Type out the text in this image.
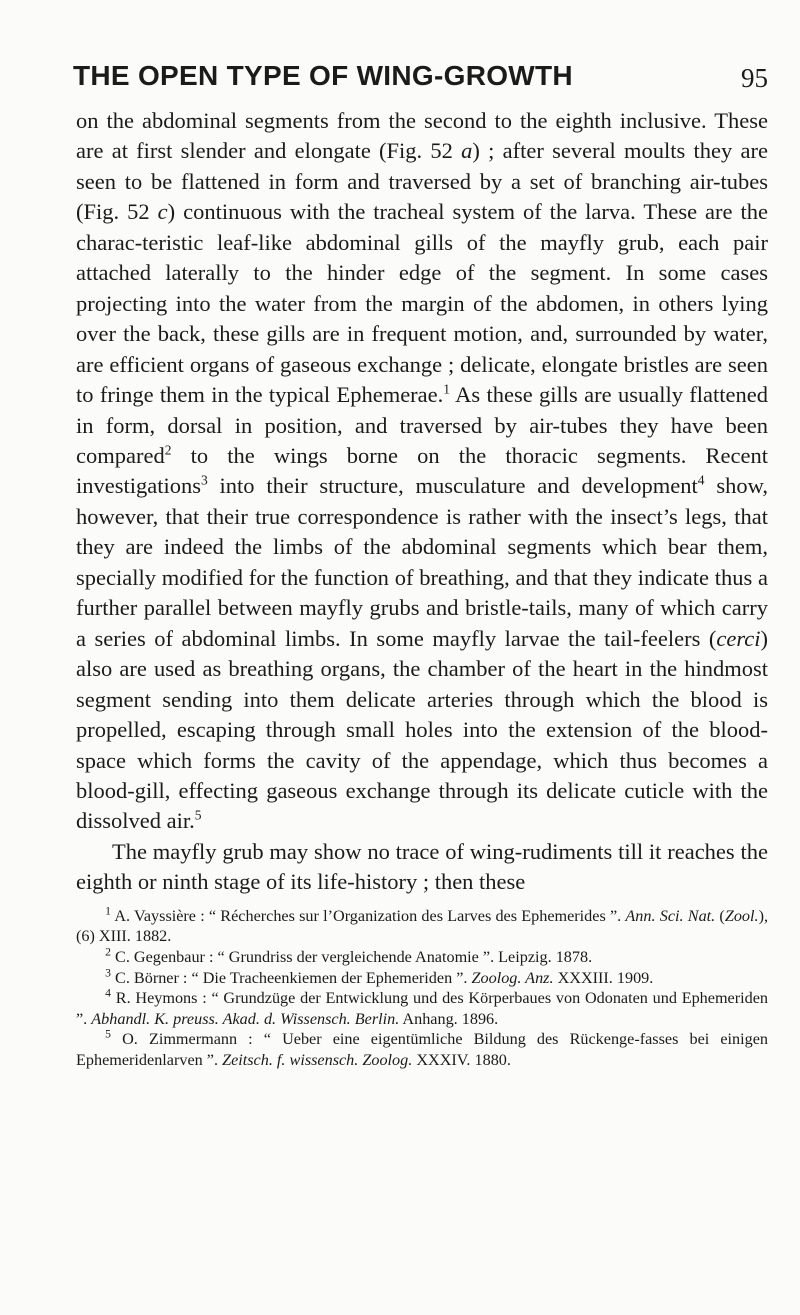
THE OPEN TYPE OF WING-GROWTH	95

on the abdominal segments from the second to the eighth inclusive. These are at first slender and elongate (Fig. 52 a) ; after several moults they are seen to be flattened in form and traversed by a set of branching air-tubes (Fig. 52 c) continuous with the tracheal system of the larva. These are the charac-teristic leaf-like abdominal gills of the mayfly grub, each pair attached laterally to the hinder edge of the segment. In some cases projecting into the water from the margin of the abdomen, in others lying over the back, these gills are in frequent motion, and, surrounded by water, are efficient organs of gaseous exchange ; delicate, elongate bristles are seen to fringe them in the typical Ephemerae.$^1$ As these gills are usually flattened in form, dorsal in position, and traversed by air-tubes they have been compared$^2$ to the wings borne on the thoracic segments. Recent investigations$^3$ into their structure, musculature and development$^4$ show, however, that their true correspondence is rather with the insect’s legs, that they are indeed the limbs of the abdominal segments which bear them, specially modified for the function of breathing, and that they indicate thus a further parallel between mayfly grubs and bristle-tails, many of which carry a series of abdominal limbs. In some mayfly larvae the tail-feelers (cerci) also are used as breathing organs, the chamber of the heart in the hindmost segment sending into them delicate arteries through which the blood is propelled, escaping through small holes into the extension of the blood-space which forms the cavity of the appendage, which thus becomes a blood-gill, effecting gaseous exchange through its delicate cuticle with the dissolved air.$^5$

The mayfly grub may show no trace of wing-rudiments till it reaches the eighth or ninth stage of its life-history ; then these

$^1$ A. Vayssière : “ Récherches sur l’Organization des Larves des Ephemerides ”. Ann. Sci. Nat. (Zool.), (6) XIII. 1882.

$^2$ C. Gegenbaur : “ Grundriss der vergleichende Anatomie ”. Leipzig. 1878.

$^3$ C. Börner : “ Die Tracheenkiemen der Ephemeriden ”. Zoolog. Anz. XXXIII. 1909.

$^4$ R. Heymons : “ Grundzüge der Entwicklung und des Körperbaues von Odonaten und Ephemeriden ”. Abhandl. K. preuss. Akad. d. Wissensch. Berlin. Anhang. 1896.

$^5$ O. Zimmermann : “ Ueber eine eigentümliche Bildung des Rückenge-fasses bei einigen Ephemeridenlarven ”. Zeitsch. f. wissensch. Zoolog. XXXIV. 1880.
